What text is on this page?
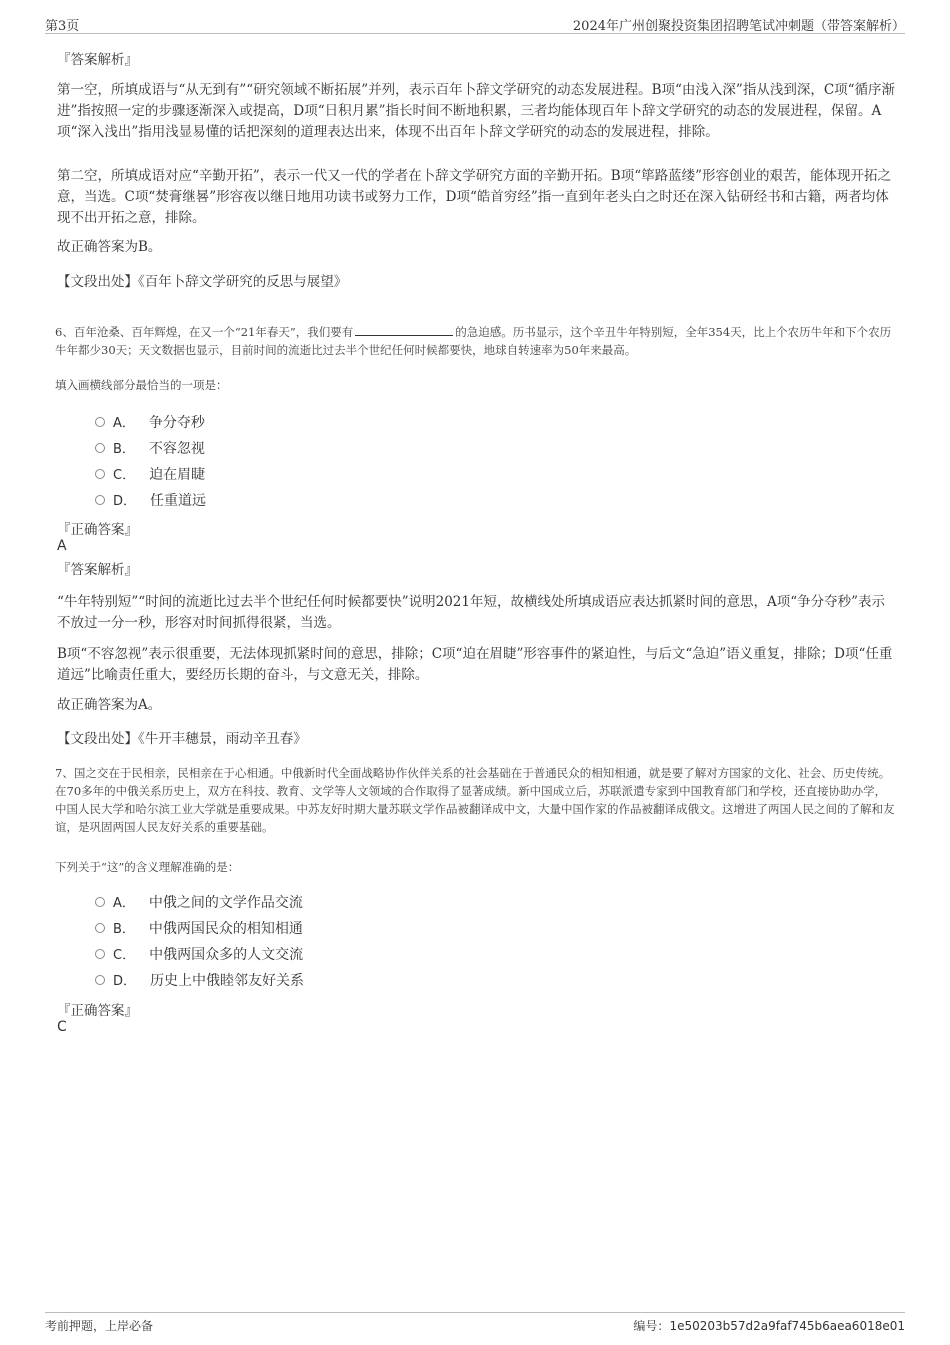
第3页	2024年广州创聚投资集团招聘笔试冲刺题（带答案解析）
『答案解析』
第一空，所填成语与“从无到有”“研究领域不断拓展”并列，表示百年卜辞文学研究的动态发展进程。B项“由浅入深”指从浅到深，C项“循序渐进”指按照一定的步骤逐渐深入或提高，D项“日积月累”指长时间不断地积累，三者均能体现百年卜辞文学研究的动态的发展进程，保留。A项“深入浅出”指用浅显易懂的话把深刻的道理表达出来，体现不出百年卜辞文学研究的动态的发展进程，排除。
第二空，所填成语对应“辛勤开拓”，表示一代又一代的学者在卜辞文学研究方面的辛勤开拓。B项“筚路蓝缕”形容创业的艰苦，能体现开拓之意，当选。C项“焚膏继晷”形容夜以继日地用功读书或努力工作，D项“皓首穷经”指一直到年老头白之时还在深入钻研经书和古籍，两者均体现不出开拓之意，排除。
故正确答案为B。
【文段出处】《百年卜辞文学研究的反思与展望》
6、百年沧桑、百年辉煌，在又一个“21年春天”，我们要有	的急迫感。历书显示，这个辛丑牛年特别短，全年354天，比上个农历牛年和下个农历牛年都少30天；天文数据也显示，目前时间的流逝比过去半个世纪任何时候都要快，地球自转速率为50年来最高。
填入画横线部分最恰当的一项是：
A． 争分夺秒
B． 不容忽视
C． 迫在眉睫
D． 任重道远
『正确答案』
A
『答案解析』
“牛年特别短”“时间的流逝比过去半个世纪任何时候都要快”说明2021年短，故横线处所填成语应表达抓紧时间的意思，A项“争分夺秒”表示不放过一分一秒，形容对时间抓得很紧，当选。
B项“不容忽视”表示很重要，无法体现抓紧时间的意思，排除；C项“迫在眉睫”形容事件的紧迫性，与后文“急迫”语义重复，排除；D项“任重道远”比喻责任重大，要经历长期的奋斗，与文意无关，排除。
故正确答案为A。
【文段出处】《牛开丰穗景，雨动辛丑春》
7、国之交在于民相亲，民相亲在于心相通。中俄新时代全面战略协作伙伴关系的社会基础在于普通民众的相知相通，就是要了解对方国家的文化、社会、历史传统。在70多年的中俄关系历史上，双方在科技、教育、文学等人文领域的合作取得了显著成绩。新中国成立后，苏联派遣专家到中国教育部门和学校，还直接协助办学，中国人民大学和哈尔滨工业大学就是重要成果。中苏友好时期大量苏联文学作品被翻译成中文，大量中国作家的作品被翻译成俄文。这增进了两国人民之间的了解和友谊，是巩固两国人民友好关系的重要基础。
下列关于“这”的含义理解准确的是：
A． 中俄之间的文学作品交流
B． 中俄两国民众的相知相通
C． 中俄两国众多的人文交流
D． 历史上中俄睦邻友好关系
『正确答案』
C
考前押题，上岸必备	编号：1e50203b57d2a9faf745b6aea6018e01
